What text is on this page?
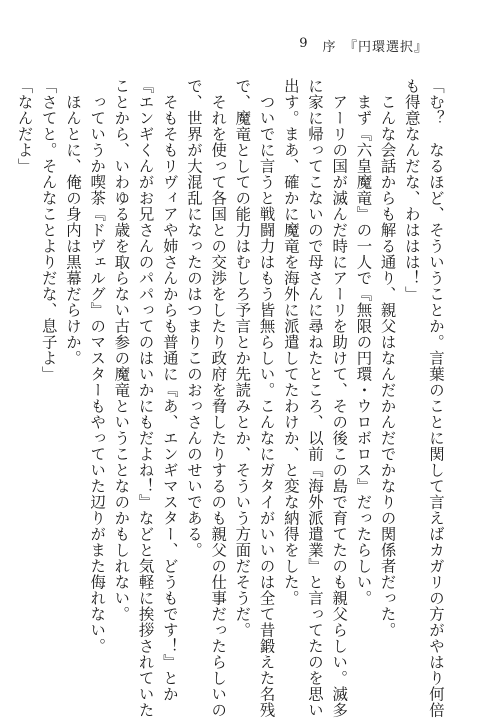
9 序　『円環選択』
「む？　なるほど、そういうことか。言葉のことに関して言えばカガリの方がやはり何倍
も得意なんだな、わははは！」
　こんな会話からも解る通り、親父はなんだかんだでかなりの関係者だった。
　まず『六皇魔竜』の一人で『無限の円環・ウロボロス』だったらしい。
　アーリの国が滅んだ時にアーリを助けて、その後この島で育てたのも親父らしい。滅多
に家に帰ってこないので母さんに尋ねたところ、以前『海外派遣業』と言ってたのを思い
出す。まあ、確かに魔竜を海外に派遣してたわけか、と変な納得をした。
　ついでに言うと戦闘力はもう皆無らしい。こんなにガタイがいいのは全て昔鍛えた名残
で、魔竜としての能力はむしろ予言とか先読みとか、そういう方面だそうだ。
　それを使って各国との交渉をしたり政府を脅したりするのも親父の仕事だったらしいの
で、世界が大混乱になったのはつまりこのおっさんのせいである。
　そもそもリヴィアや姉さんからも普通に『あ、エンギマスター、どうもです！』とか
『エンギくんがお兄さんのパパってのはいかにもだよね！』などと気軽に挨拶されていた
ことから、いわゆる歳を取らない古参の魔竜ということなのかもしれない。
　っていうか喫茶『ドヴェルグ』のマスターもやっていた辺りがまた侮れない。
　ほんとに、俺の身内は黒幕だらけか。
「さてと。そんなことよりだな、息子よ」
「なんだよ」
